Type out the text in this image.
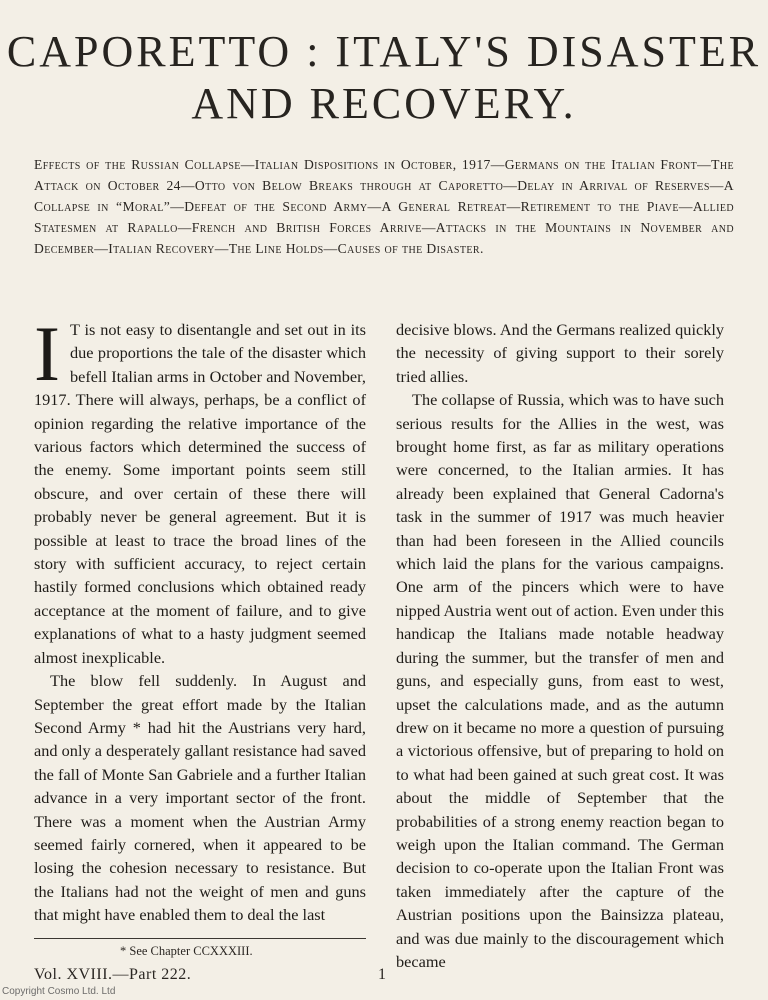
CAPORETTO : ITALY'S DISASTER
AND RECOVERY.
Effects of the Russian Collapse—Italian Dispositions in October, 1917—Germans on the Italian Front—The Attack on October 24—Otto von Below Breaks through at Caporetto—Delay in Arrival of Reserves—A Collapse in “Moral”—Defeat of the Second Army—A General Retreat—Retirement to the Piave—Allied Statesmen at Rapallo—French and British Forces Arrive—Attacks in the Mountains in November and December—Italian Recovery—The Line Holds—Causes of the Disaster.

I T is not easy to disentangle and set out in its due proportions the tale of the disaster which befell Italian arms in October and November, 1917. There will always, perhaps, be a conflict of opinion regarding the relative importance of the various factors which determined the success of the enemy. Some important points seem still obscure, and over certain of these there will probably never be general agreement. But it is possible at least to trace the broad lines of the story with sufficient accuracy, to reject certain hastily formed conclusions which obtained ready acceptance at the moment of failure, and to give explanations of what to a hasty judgment seemed almost inexplicable.

The blow fell suddenly. In August and September the great effort made by the Italian Second Army * had hit the Austrians very hard, and only a desperately gallant resistance had saved the fall of Monte San Gabriele and a further Italian advance in a very important sector of the front. There was a moment when the Austrian Army seemed fairly cornered, when it appeared to be losing the cohesion necessary to resistance. But the Italians had not the weight of men and guns that might have enabled them to deal the last

decisive blows. And the Germans realized quickly the necessity of giving support to their sorely tried allies.

The collapse of Russia, which was to have such serious results for the Allies in the west, was brought home first, as far as military operations were concerned, to the Italian armies. It has already been explained that General Cadorna's task in the summer of 1917 was much heavier than had been foreseen in the Allied councils which laid the plans for the various campaigns. One arm of the pincers which were to have nipped Austria went out of action. Even under this handicap the Italians made notable headway during the summer, but the transfer of men and guns, and especially guns, from east to west, upset the calculations made, and as the autumn drew on it became no more a question of pursuing a victorious offensive, but of preparing to hold on to what had been gained at such great cost. It was about the middle of September that the probabilities of a strong enemy reaction began to weigh upon the Italian command. The German decision to co-operate upon the Italian Front was taken immediately after the capture of the Austrian positions upon the Bainsizza plateau, and was due mainly to the discouragement which became

* See Chapter CCXXXIII.
Vol. XVIII.—Part 222.	1
Copyright Cosmo Ltd. Ltd
